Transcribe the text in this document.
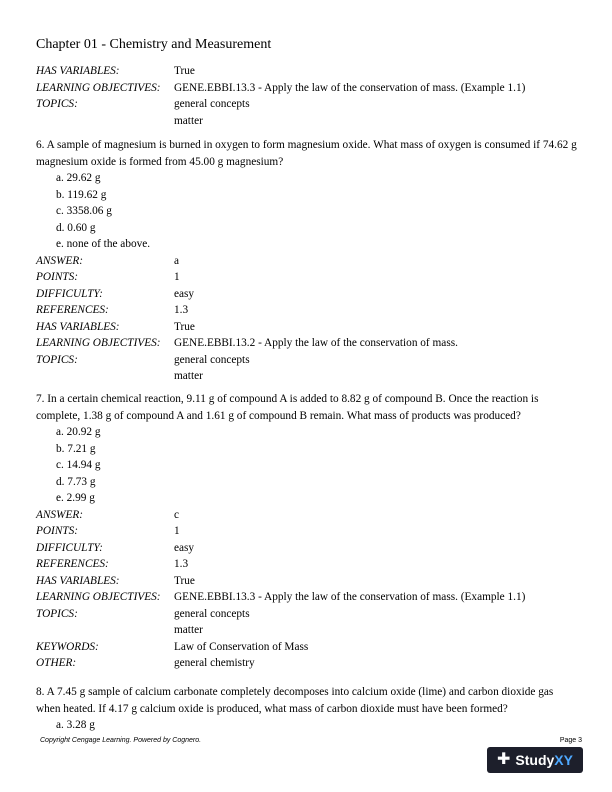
Chapter 01 - Chemistry and Measurement
HAS VARIABLES:	True
LEARNING OBJECTIVES:	GENE.EBBI.13.3 - Apply the law of the conservation of mass. (Example 1.1)
TOPICS:	general concepts
matter

6. A sample of magnesium is burned in oxygen to form magnesium oxide. What mass of oxygen is consumed if 74.62 g magnesium oxide is formed from 45.00 g magnesium?

a. 29.62 g
b. 119.62 g
c. 3358.06 g
d. 0.60 g
e. none of the above.
ANSWER:	a
POINTS:	1
DIFFICULTY:	easy
REFERENCES:	1.3
HAS VARIABLES:	True
LEARNING OBJECTIVES:	GENE.EBBI.13.2 - Apply the law of the conservation of mass.
TOPICS:	general concepts
matter

7. In a certain chemical reaction, 9.11 g of compound A is added to 8.82 g of compound B. Once the reaction is complete, 1.38 g of compound A and 1.61 g of compound B remain. What mass of products was produced?

a. 20.92 g
b. 7.21 g
c. 14.94 g
d. 7.73 g
e. 2.99 g
ANSWER:	c
POINTS:	1
DIFFICULTY:	easy
REFERENCES:	1.3
HAS VARIABLES:	True
LEARNING OBJECTIVES:	GENE.EBBI.13.3 - Apply the law of the conservation of mass. (Example 1.1)
TOPICS:	general concepts
matter
KEYWORDS:	Law of Conservation of Mass
OTHER:	general chemistry

8. A 7.45 g sample of calcium carbonate completely decomposes into calcium oxide (lime) and carbon dioxide gas when heated. If 4.17 g calcium oxide is produced, what mass of carbon dioxide must have been formed?

a. 3.28 g
Copyright Cengage Learning. Powered by Cognero.	Page 3
✚ Study XY
